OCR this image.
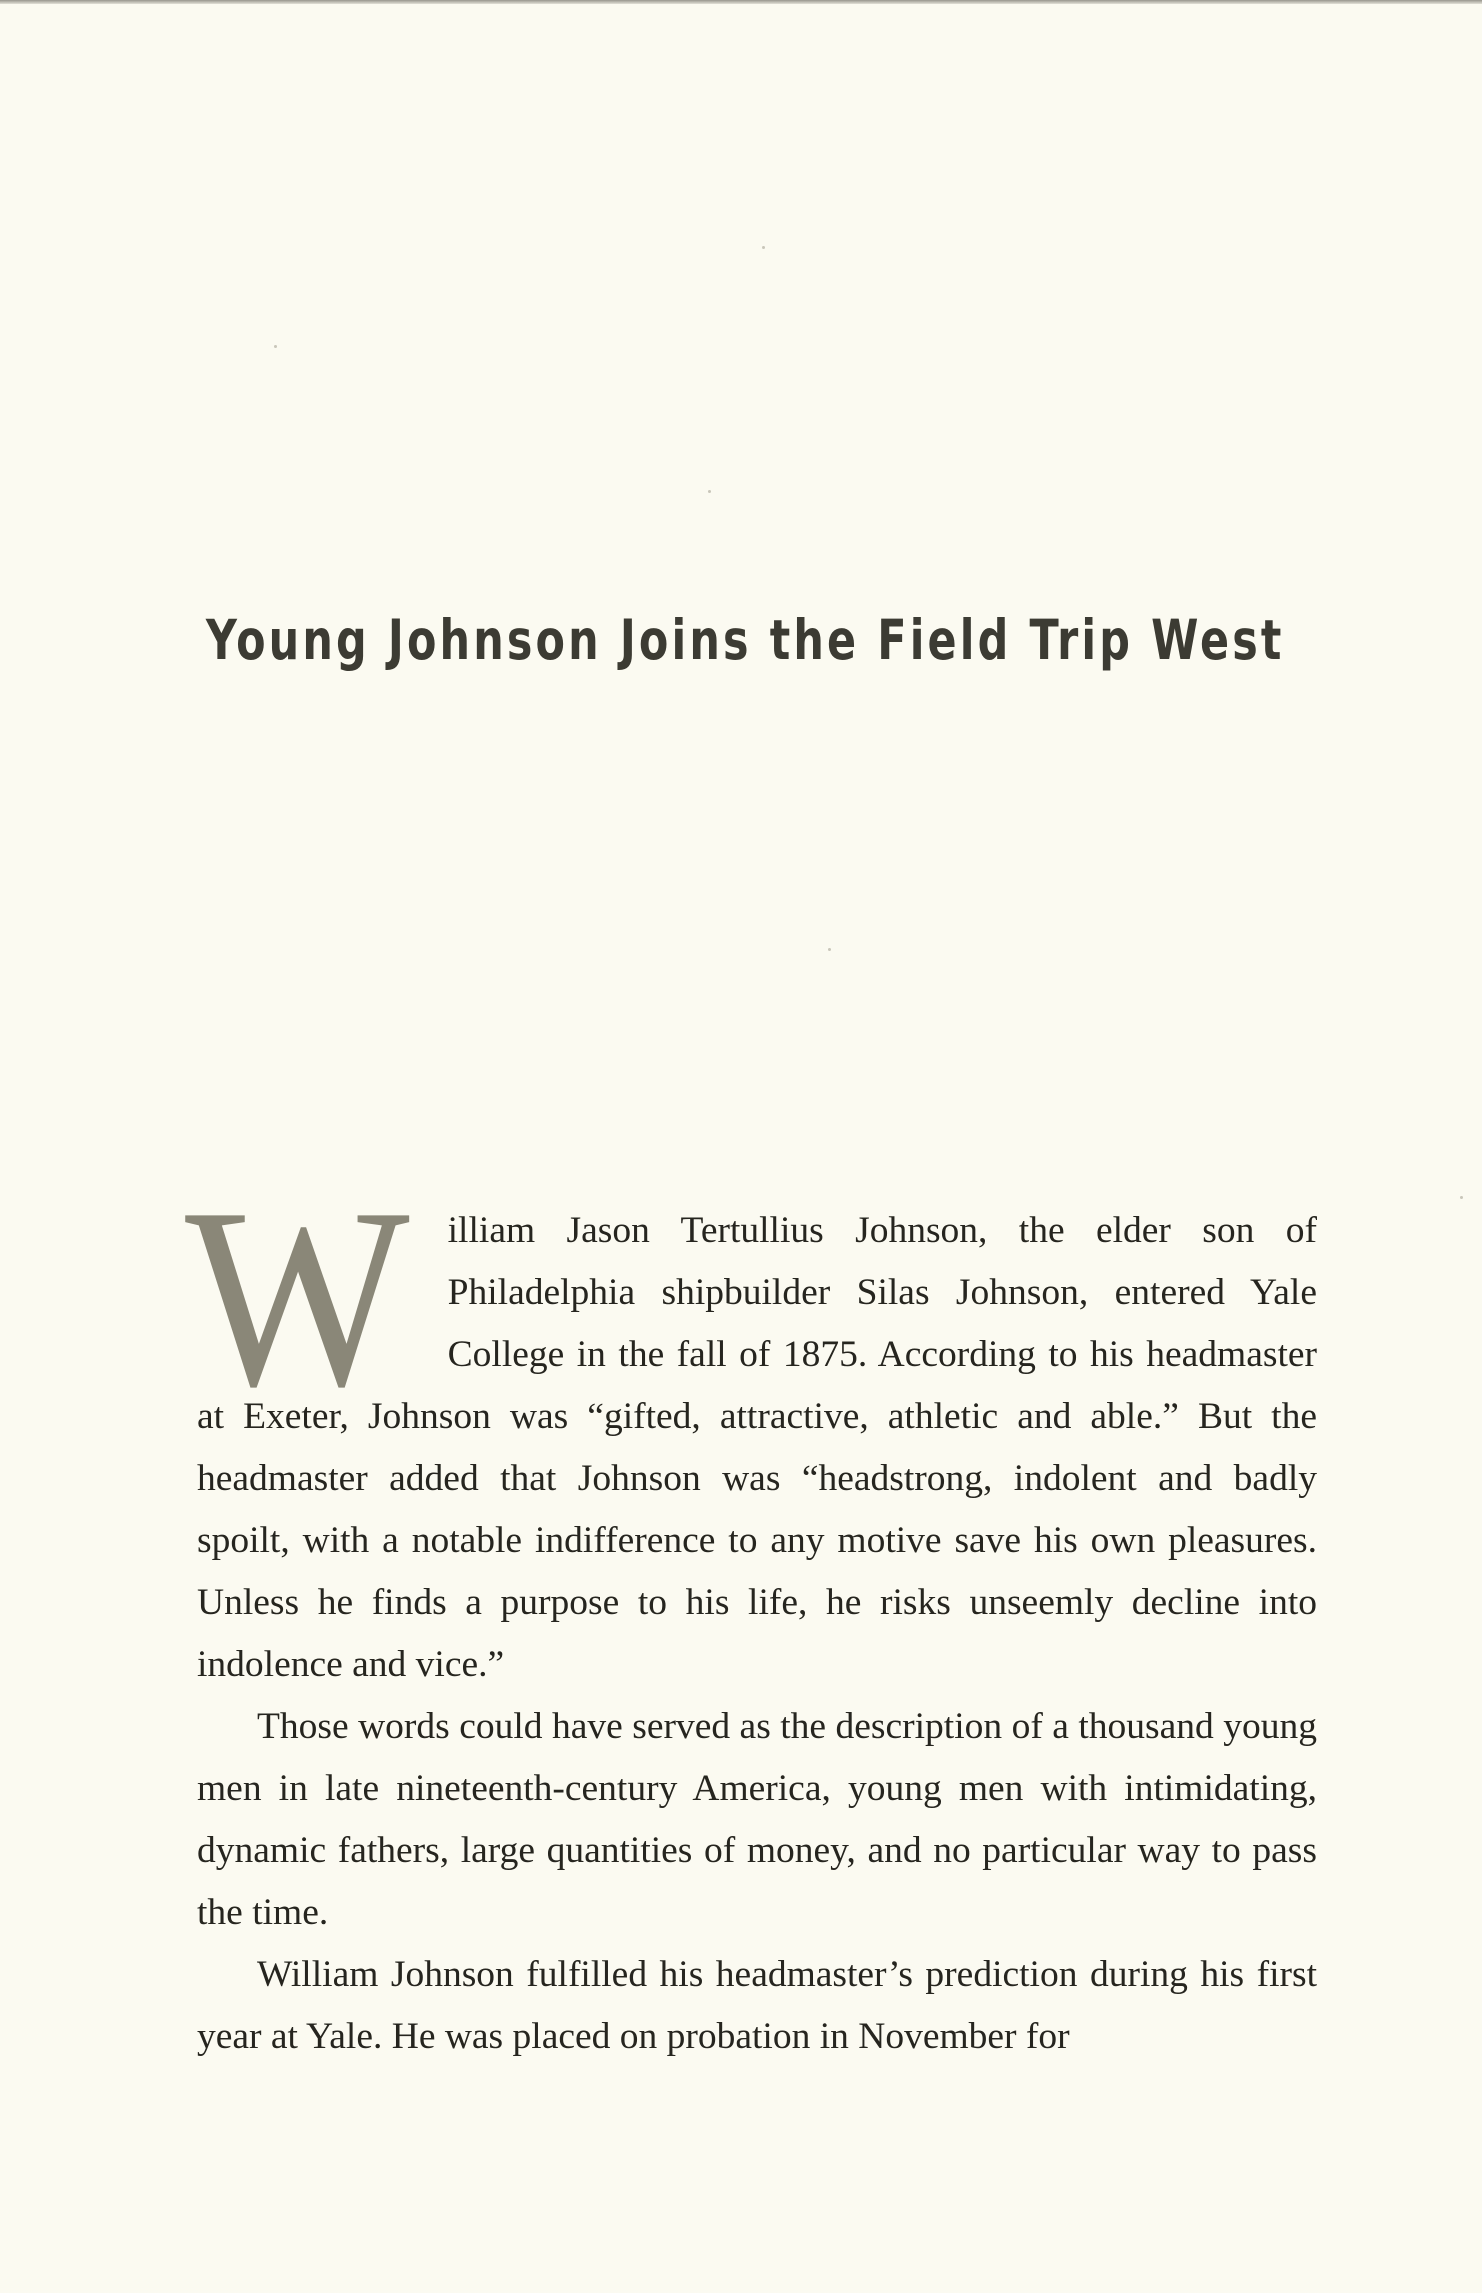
Young Johnson Joins the Field Trip West

W illiam Jason Tertullius Johnson, the elder son of Philadelphia shipbuilder Silas Johnson, entered Yale College in the fall of 1875. According to his headmaster at Exeter, Johnson was “gifted, attractive, athletic and able.” But the headmaster added that Johnson was “headstrong, indolent and badly spoilt, with a notable indifference to any motive save his own pleasures. Unless he finds a purpose to his life, he risks unseemly decline into indolence and vice.”

Those words could have served as the description of a thousand young men in late nineteenth-century America, young men with intimidating, dynamic fathers, large quantities of money, and no particular way to pass the time.

William Johnson fulfilled his headmaster’s prediction during his first year at Yale. He was placed on probation in November for
